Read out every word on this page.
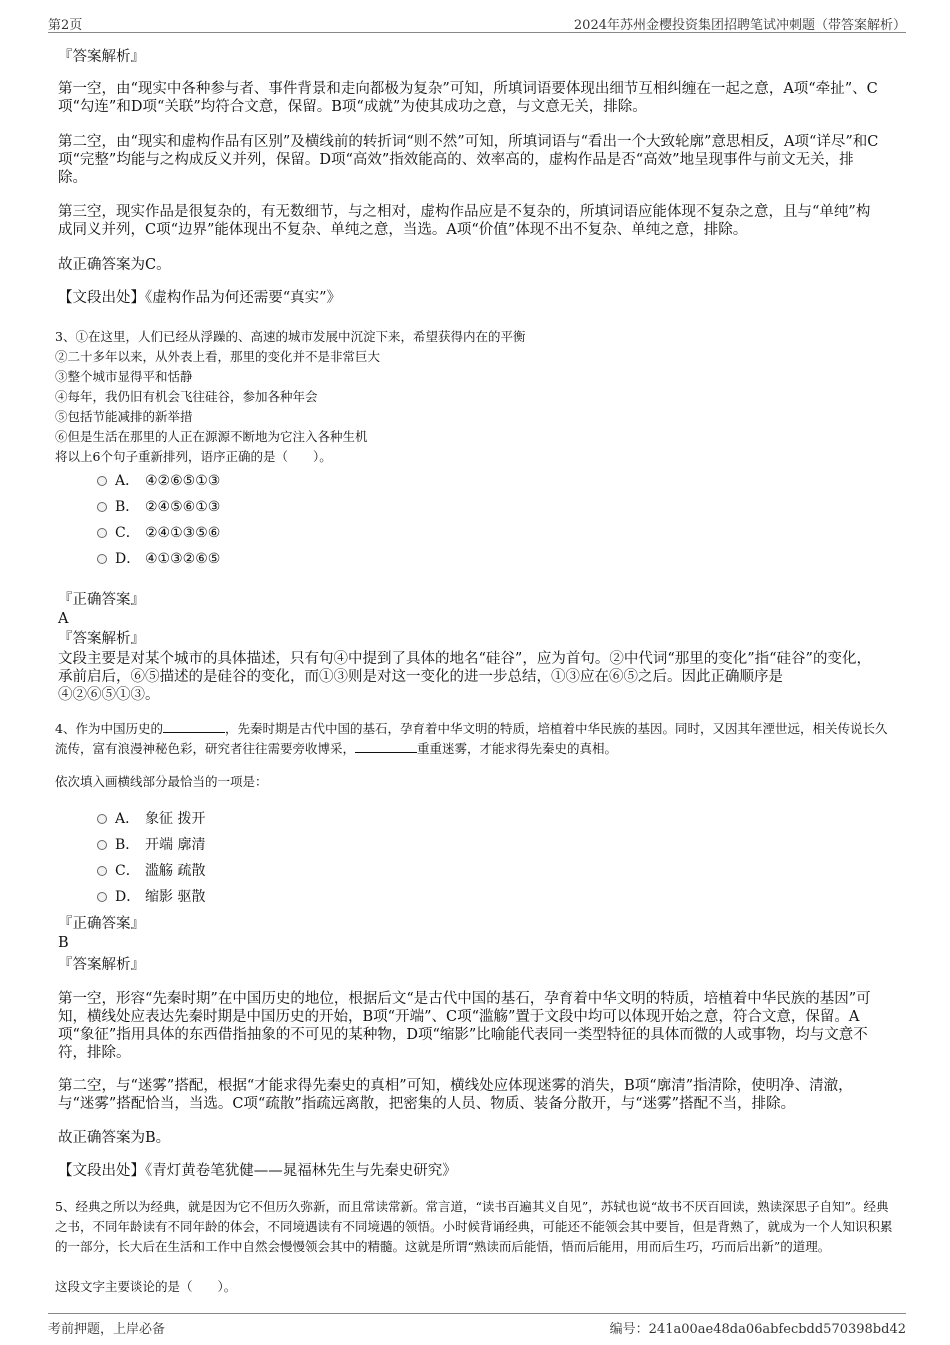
第2页	2024年苏州金樱投资集团招聘笔试冲刺题（带答案解析）
『答案解析』
第一空，由“现实中各种参与者、事件背景和走向都极为复杂”可知，所填词语要体现出细节互相纠缠在一起之意，A项“牵扯”、C项“勾连”和D项“关联”均符合文意，保留。B项“成就”为使其成功之意，与文意无关，排除。
第二空，由“现实和虚构作品有区别”及横线前的转折词“则不然”可知，所填词语与“看出一个大致轮廓”意思相反，A项“详尽”和C项“完整”均能与之构成反义并列，保留。D项“高效”指效能高的、效率高的，虚构作品是否“高效”地呈现事件与前文无关，排除。
第三空，现实作品是很复杂的，有无数细节，与之相对，虚构作品应是不复杂的，所填词语应能体现不复杂之意，且与“单纯”构成同义并列，C项“边界”能体现出不复杂、单纯之意，当选。A项“价值”体现不出不复杂、单纯之意，排除。
故正确答案为C。
【文段出处】《虚构作品为何还需要“真实”》
3、①在这里，人们已经从浮躁的、高速的城市发展中沉淀下来，希望获得内在的平衡
②二十多年以来，从外表上看，那里的变化并不是非常巨大
③整个城市显得平和恬静
④每年，我仍旧有机会飞往硅谷，参加各种年会
⑤包括节能减排的新举措
⑥但是生活在那里的人正在源源不断地为它注入各种生机
将以上6个句子重新排列，语序正确的是（　　）。
A． ④②⑥⑤①③
B． ②④⑤⑥①③
C． ②④①③⑤⑥
D． ④①③②⑥⑤
『正确答案』
A
『答案解析』
文段主要是对某个城市的具体描述，只有句④中提到了具体的地名“硅谷”，应为首句。②中代词“那里的变化”指“硅谷”的变化，承前启后，⑥⑤描述的是硅谷的变化，而①③则是对这一变化的进一步总结，①③应在⑥⑤之后。因此正确顺序是④②⑥⑤①③。
4、作为中国历史的	，先秦时期是古代中国的基石，孕育着中华文明的特质，培植着中华民族的基因。同时，又因其年湮世远，相关传说长久流传，富有浪漫神秘色彩，研究者往往需要旁收博采，	重重迷雾，才能求得先秦史的真相。
依次填入画横线部分最恰当的一项是：
A． 象征 拨开
B． 开端 廓清
C． 滥觞 疏散
D． 缩影 驱散
『正确答案』
B
『答案解析』
第一空，形容“先秦时期”在中国历史的地位，根据后文“是古代中国的基石，孕育着中华文明的特质，培植着中华民族的基因”可知，横线处应表达先秦时期是中国历史的开始，B项“开端”、C项“滥觞”置于文段中均可以体现开始之意，符合文意，保留。A项“象征”指用具体的东西借指抽象的不可见的某种物，D项“缩影”比喻能代表同一类型特征的具体而微的人或事物，均与文意不符，排除。
第二空，与“迷雾”搭配，根据“才能求得先秦史的真相”可知，横线处应体现迷雾的消失，B项“廓清”指清除，使明净、清澈，与“迷雾”搭配恰当，当选。C项“疏散”指疏远离散，把密集的人员、物质、装备分散开，与“迷雾”搭配不当，排除。
故正确答案为B。
【文段出处】《青灯黄卷笔犹健——晁福林先生与先秦史研究》
5、经典之所以为经典，就是因为它不但历久弥新，而且常读常新。常言道，“读书百遍其义自见”，苏轼也说“故书不厌百回读，熟读深思子自知”。经典之书，不同年龄读有不同年龄的体会，不同境遇读有不同境遇的领悟。小时候背诵经典，可能还不能领会其中要旨，但是背熟了，就成为一个人知识积累的一部分，长大后在生活和工作中自然会慢慢领会其中的精髓。这就是所谓“熟读而后能悟，悟而后能用，用而后生巧，巧而后出新”的道理。
这段文字主要谈论的是（　　）。
考前押题，上岸必备	编号：241a00ae48da06abfecbdd570398bd42
